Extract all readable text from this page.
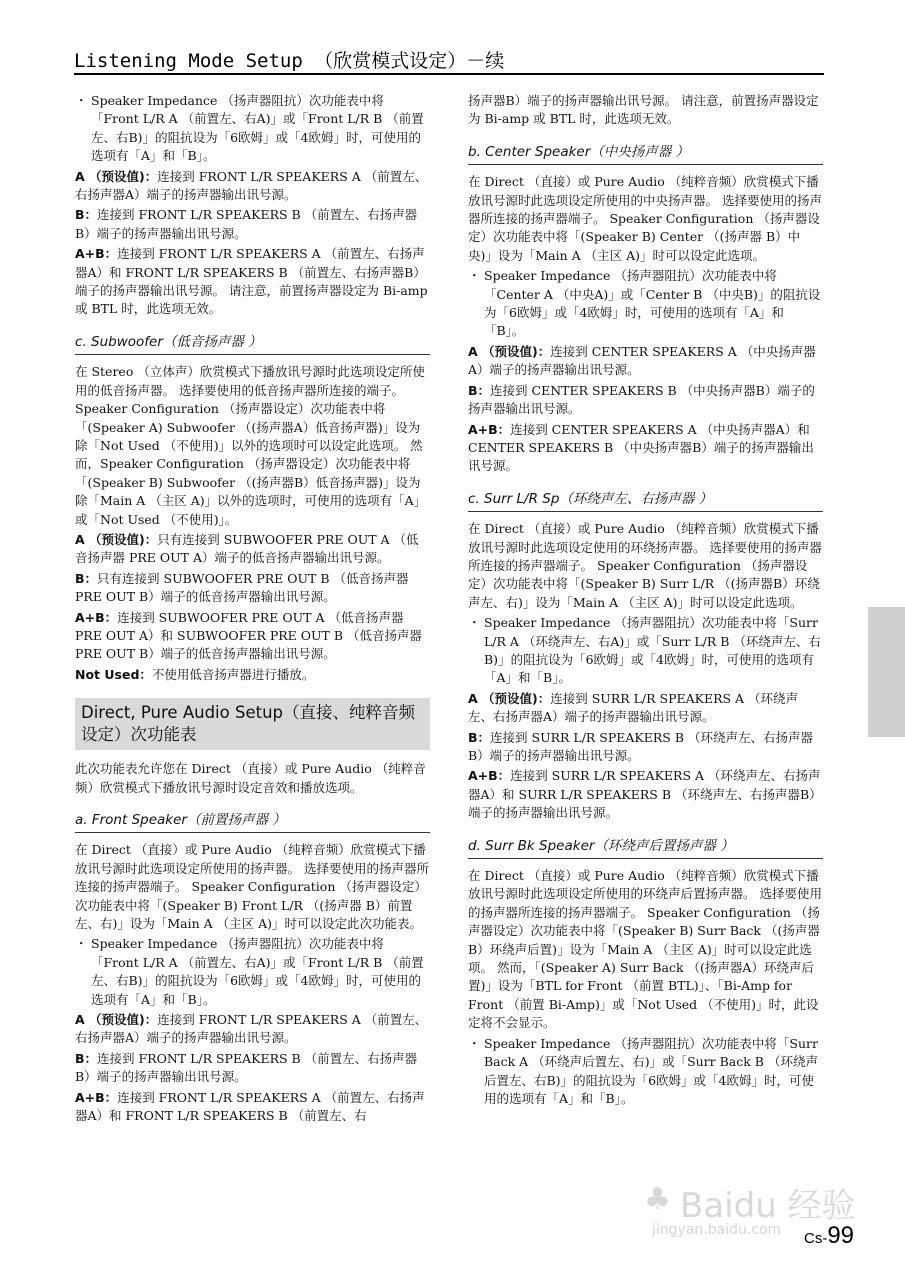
Listening Mode Setup （欣赏模式设定）－续

・ Speaker Impedance （扬声器阻抗）次功能表中将「Front L/R A （前置左、右A)」或「Front L/R B （前置左、右B)」的阻抗设为「6欧姆」或「4欧姆」时，可使用的选项有「A」和「B」。

A （预设值)：连接到 FRONT L/R SPEAKERS A （前置左、右扬声器A）端子的扬声器输出讯号源。

B：连接到 FRONT L/R SPEAKERS B （前置左、右扬声器B）端子的扬声器输出讯号源。

A+B：连接到 FRONT L/R SPEAKERS A （前置左、右扬声器A）和 FRONT L/R SPEAKERS B （前置左、右扬声器B）端子的扬声器输出讯号源。 请注意，前置扬声器设定为 Bi-amp 或 BTL 时，此选项无效。

c. Subwoofer（低音扬声器 ）

在 Stereo （立体声）欣赏模式下播放讯号源时此选项设定所使用的低音扬声器。 选择要使用的低音扬声器所连接的端子。 Speaker Configuration （扬声器设定）次功能表中将「(Speaker A) Subwoofer （(扬声器A）低音扬声器)」设为除「Not Used （不使用)」以外的选项时可以设定此选项。 然而，Speaker Configuration （扬声器设定）次功能表中将「(Speaker B) Subwoofer （(扬声器B）低音扬声器)」设为除「Main A （主区 A)」以外的选项时，可使用的选项有「A」或「Not Used （不使用)」。

A （预设值)：只有连接到 SUBWOOFER PRE OUT A （低音扬声器 PRE OUT A）端子的低音扬声器输出讯号源。

B：只有连接到 SUBWOOFER PRE OUT B （低音扬声器 PRE OUT B）端子的低音扬声器输出讯号源。

A+B：连接到 SUBWOOFER PRE OUT A （低音扬声器 PRE OUT A）和 SUBWOOFER PRE OUT B （低音扬声器 PRE OUT B）端子的低音扬声器输出讯号源。

Not Used：不使用低音扬声器进行播放。

Direct, Pure Audio Setup（直接、纯粹音频设定）次功能表

此次功能表允许您在 Direct （直接）或 Pure Audio （纯粹音频）欣赏模式下播放讯号源时设定音效和播放选项。

a. Front Speaker（前置扬声器 ）

在 Direct （直接）或 Pure Audio （纯粹音频）欣赏模式下播放讯号源时此选项设定所使用的扬声器。 选择要使用的扬声器所连接的扬声器端子。 Speaker Configuration （扬声器设定）次功能表中将「(Speaker B) Front L/R （(扬声器 B）前置左、右)」设为「Main A （主区 A)」时可以设定此次功能表。

・ Speaker Impedance （扬声器阻抗）次功能表中将「Front L/R A （前置左、右A)」或「Front L/R B （前置左、右B)」的阻抗设为「6欧姆」或「4欧姆」时，可使用的选项有「A」和「B」。

A （预设值)：连接到 FRONT L/R SPEAKERS A （前置左、右扬声器A）端子的扬声器输出讯号源。

B：连接到 FRONT L/R SPEAKERS B （前置左、右扬声器B）端子的扬声器输出讯号源。

A+B：连接到 FRONT L/R SPEAKERS A （前置左、右扬声器A）和 FRONT L/R SPEAKERS B （前置左、右

扬声器B）端子的扬声器输出讯号源。 请注意，前置扬声器设定为 Bi-amp 或 BTL 时，此选项无效。

b. Center Speaker（中央扬声器 ）

在 Direct （直接）或 Pure Audio （纯粹音频）欣赏模式下播放讯号源时此选项设定所使用的中央扬声器。 选择要使用的扬声器所连接的扬声器端子。 Speaker Configuration （扬声器设定）次功能表中将「(Speaker B) Center （(扬声器 B）中央)」设为「Main A （主区 A)」时可以设定此选项。

・ Speaker Impedance （扬声器阻抗）次功能表中将「Center A （中央A)」或「Center B （中央B)」的阻抗设为「6欧姆」或「4欧姆」时，可使用的选项有「A」和「B」。

A （预设值)：连接到 CENTER SPEAKERS A （中央扬声器A）端子的扬声器输出讯号源。

B：连接到 CENTER SPEAKERS B （中央扬声器B）端子的扬声器输出讯号源。

A+B：连接到 CENTER SPEAKERS A （中央扬声器A）和 CENTER SPEAKERS B （中央扬声器B）端子的扬声器输出讯号源。

c. Surr L/R Sp（环绕声左、右扬声器 ）

在 Direct （直接）或 Pure Audio （纯粹音频）欣赏模式下播放讯号源时此选项设定使用的环绕扬声器。 选择要使用的扬声器所连接的扬声器端子。 Speaker Configuration （扬声器设定）次功能表中将「(Speaker B) Surr L/R （(扬声器B）环绕声左、右)」设为「Main A （主区 A)」时可以设定此选项。

・ Speaker Impedance （扬声器阻抗）次功能表中将「Surr L/R A （环绕声左、右A)」或「Surr L/R B （环绕声左、右B)」的阻抗设为「6欧姆」或「4欧姆」时，可使用的选项有「A」和「B」。

A （预设值)：连接到 SURR L/R SPEAKERS A （环绕声左、右扬声器A）端子的扬声器输出讯号源。

B：连接到 SURR L/R SPEAKERS B （环绕声左、右扬声器B）端子的扬声器输出讯号源。

A+B：连接到 SURR L/R SPEAKERS A （环绕声左、右扬声器A）和 SURR L/R SPEAKERS B （环绕声左、右扬声器B）端子的扬声器输出讯号源。

d. Surr Bk Speaker（环绕声后置扬声器 ）

在 Direct （直接）或 Pure Audio （纯粹音频）欣赏模式下播放讯号源时此选项设定所使用的环绕声后置扬声器。 选择要使用的扬声器所连接的扬声器端子。 Speaker Configuration （扬声器设定）次功能表中将「(Speaker B) Surr Back （(扬声器B）环绕声后置)」设为「Main A （主区 A)」时可以设定此选项。 然而，「(Speaker A) Surr Back （(扬声器A）环绕声后置)」设为「BTL for Front （前置 BTL)」、「Bi-Amp for Front （前置 Bi-Amp)」或「Not Used （不使用)」时，此设定将不会显示。

・ Speaker Impedance （扬声器阻抗）次功能表中将「Surr Back A （环绕声后置左、右)」或「Surr Back B （环绕声后置左、右B)」的阻抗设为「6欧姆」或「4欧姆」时，可使用的选项有「A」和「B」。

♣ Baidu 经验
jingyan.baidu.com Cs-99
